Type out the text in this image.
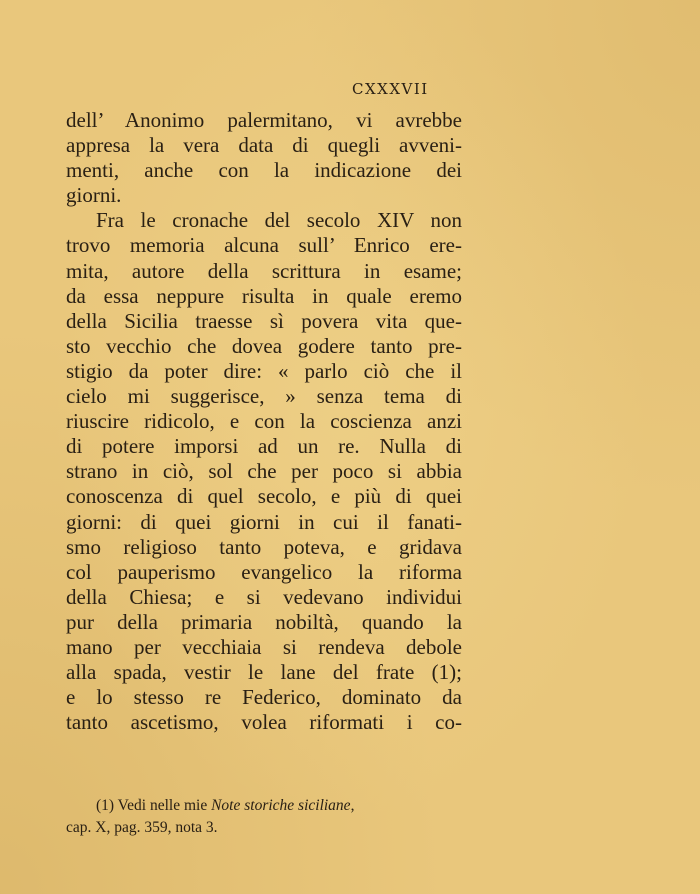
CXXXVII
dell’ Anonimo palermitano, vi avrebbe
appresa la vera data di quegli avveni-
menti, anche con la indicazione dei
giorni.
Fra le cronache del secolo XIV non
trovo memoria alcuna sull’ Enrico ere-
mita, autore della scrittura in esame;
da essa neppure risulta in quale eremo
della Sicilia traesse sì povera vita que-
sto vecchio che dovea godere tanto pre-
stigio da poter dire: « parlo ciò che il
cielo mi suggerisce, » senza tema di
riuscire ridicolo, e con la coscienza anzi
di potere imporsi ad un re. Nulla di
strano in ciò, sol che per poco si abbia
conoscenza di quel secolo, e più di quei
giorni: di quei giorni in cui il fanati-
smo religioso tanto poteva, e gridava
col pauperismo evangelico la riforma
della Chiesa; e si vedevano individui
pur della primaria nobiltà, quando la
mano per vecchiaia si rendeva debole
alla spada, vestir le lane del frate (1);
e lo stesso re Federico, dominato da
tanto ascetismo, volea riformati i co-
(1) Vedi nelle mie Note storiche siciliane,
cap. X, pag. 359, nota 3.
